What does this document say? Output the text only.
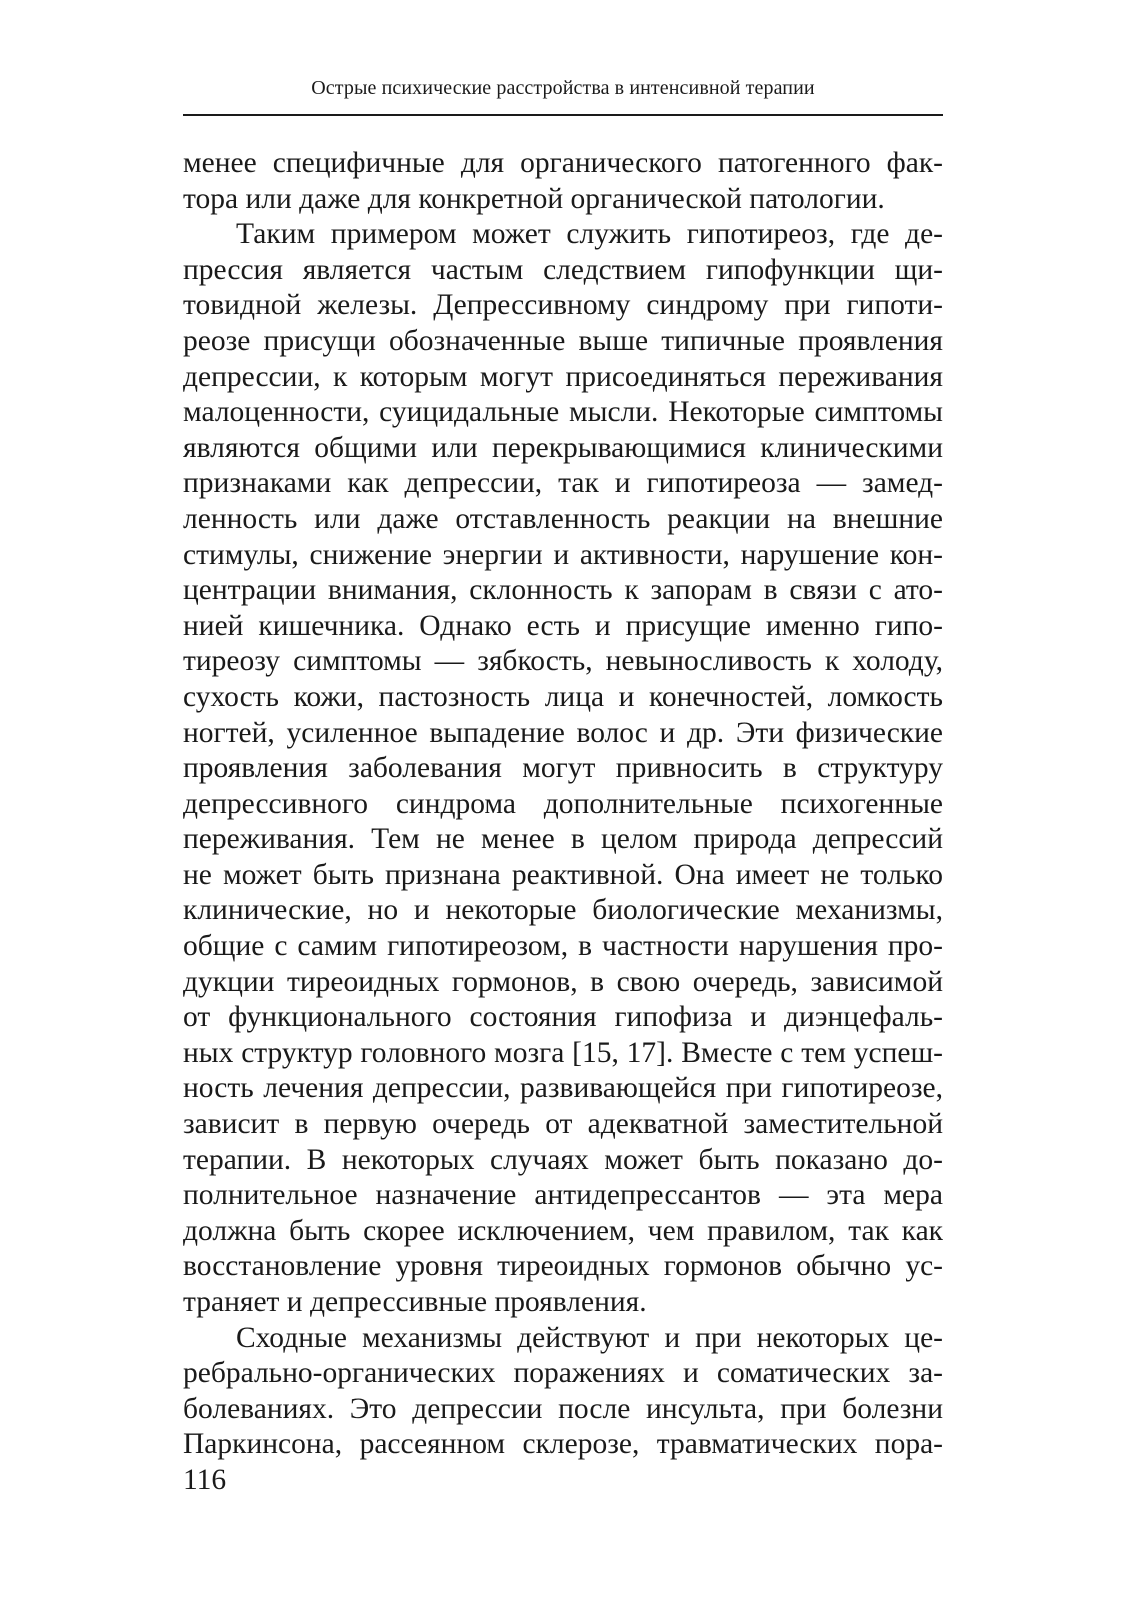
Острые психические расстройства в интенсивной терапии
менее специфичные для органического патогенного фак-
тора или даже для конкретной органической патологии.
Таким примером может служить гипотиреоз, где де-
прессия является частым следствием гипофункции щи-
товидной железы. Депрессивному синдрому при гипоти-
реозе присущи обозначенные выше типичные проявления
депрессии, к которым могут присоединяться переживания
малоценности, суицидальные мысли. Некоторые симптомы
являются общими или перекрывающимися клиническими
признаками как депрессии, так и гипотиреоза — замед-
ленность или даже отставленность реакции на внешние
стимулы, снижение энергии и активности, нарушение кон-
центрации внимания, склонность к запорам в связи с ато-
нией кишечника. Однако есть и присущие именно гипо-
тиреозу симптомы — зябкость, невыносливость к холоду,
сухость кожи, пастозность лица и конечностей, ломкость
ногтей, усиленное выпадение волос и др. Эти физические
проявления заболевания могут привносить в структуру
депрессивного синдрома дополнительные психогенные
переживания. Тем не менее в целом природа депрессий
не может быть признана реактивной. Она имеет не только
клинические, но и некоторые биологические механизмы,
общие с самим гипотиреозом, в частности нарушения про-
дукции тиреоидных гормонов, в свою очередь, зависимой
от функционального состояния гипофиза и диэнцефаль-
ных структур головного мозга [15, 17]. Вместе с тем успеш-
ность лечения депрессии, развивающейся при гипотиреозе,
зависит в первую очередь от адекватной заместительной
терапии. В некоторых случаях может быть показано до-
полнительное назначение антидепрессантов — эта мера
должна быть скорее исключением, чем правилом, так как
восстановление уровня тиреоидных гормонов обычно ус-
траняет и депрессивные проявления.
Сходные механизмы действуют и при некоторых це-
ребрально-органических поражениях и соматических за-
болеваниях. Это депрессии после инсульта, при болезни
Паркинсона, рассеянном склерозе, травматических пора-
116
